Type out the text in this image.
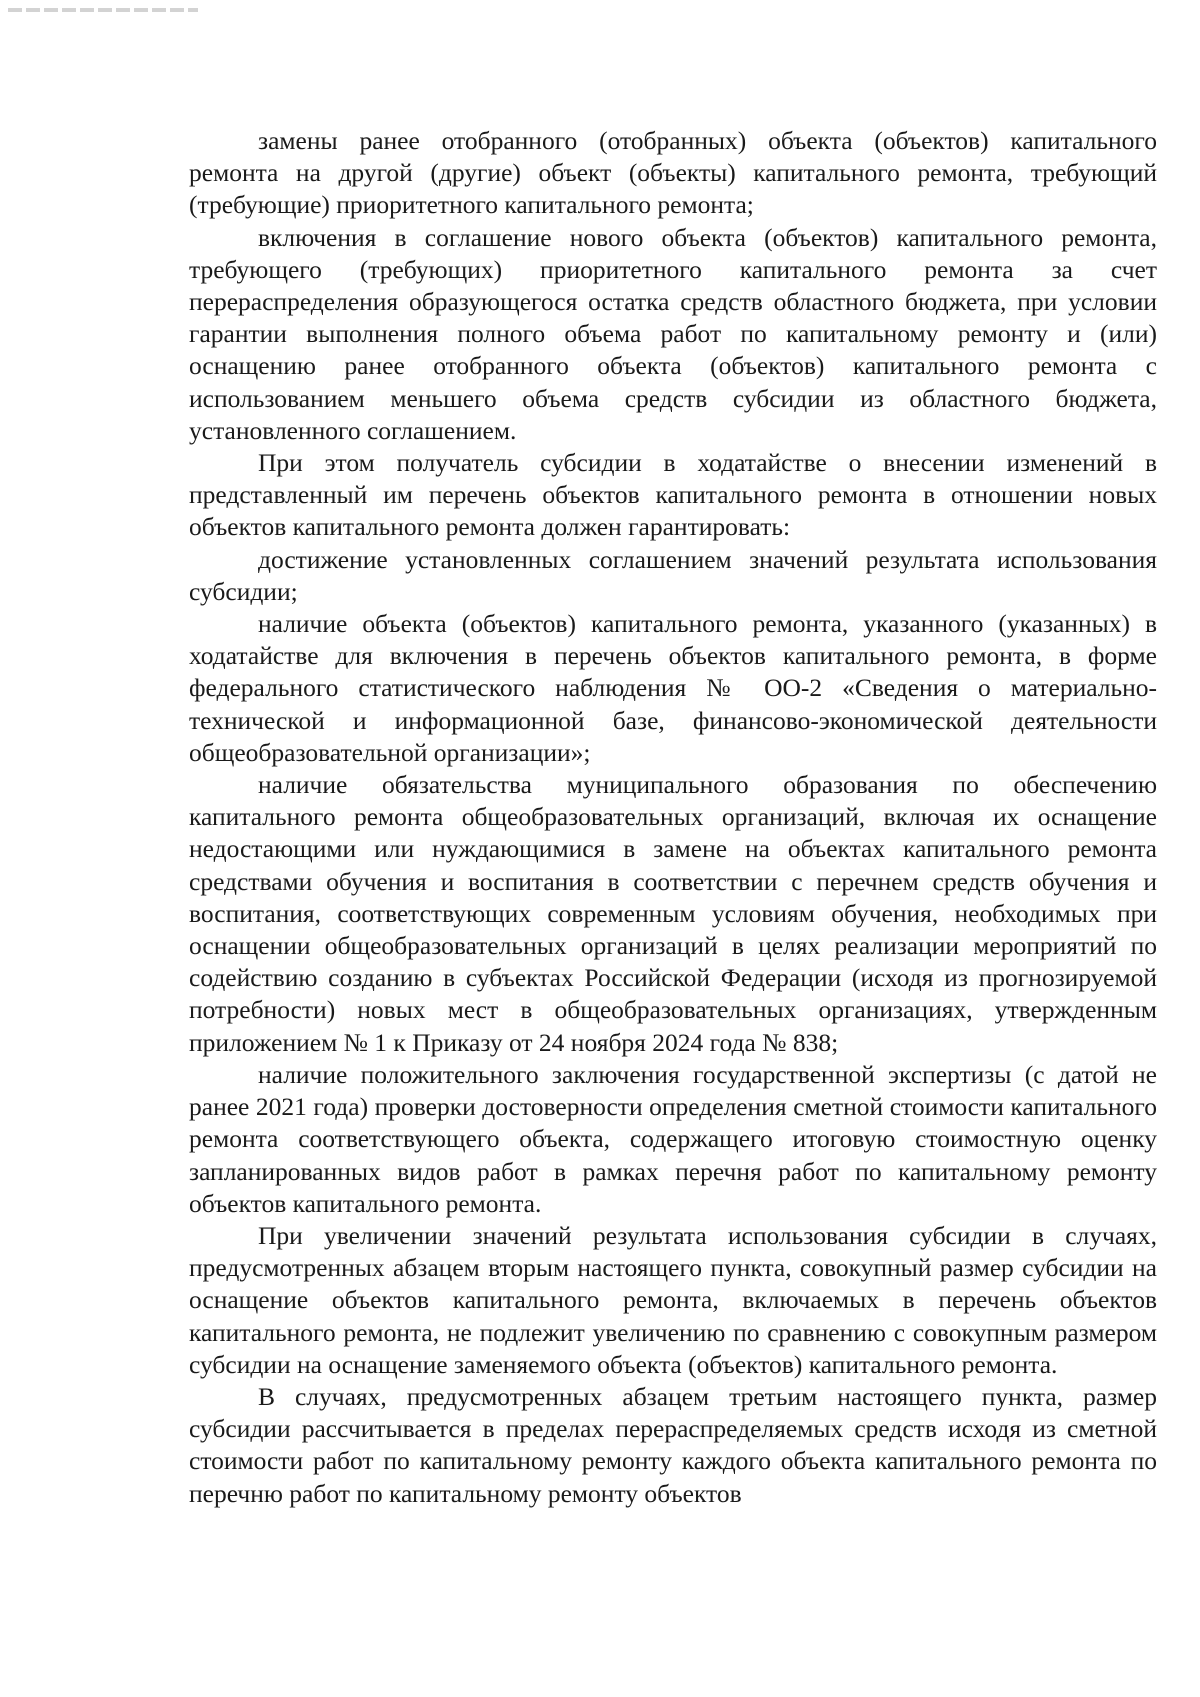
замены ранее отобранного (отобранных) объекта (объектов) капитального ремонта на другой (другие) объект (объекты) капитального ремонта, требующий (требующие) приоритетного капитального ремонта;

включения в соглашение нового объекта (объектов) капитального ремонта, требующего (требующих) приоритетного капитального ремонта за счет перераспределения образующегося остатка средств областного бюджета, при условии гарантии выполнения полного объема работ по капитальному ремонту и (или) оснащению ранее отобранного объекта (объектов) капитального ремонта с использованием меньшего объема средств субсидии из областного бюджета, установленного соглашением.

При этом получатель субсидии в ходатайстве о внесении изменений в представленный им перечень объектов капитального ремонта в отношении новых объектов капитального ремонта должен гарантировать:

достижение установленных соглашением значений результата использования субсидии;

наличие объекта (объектов) капитального ремонта, указанного (указанных) в ходатайстве для включения в перечень объектов капитального ремонта, в форме федерального статистического наблюдения № ОО-2 «Сведения о материально-технической и информационной базе, финансово-экономической деятельности общеобразовательной организации»;

наличие обязательства муниципального образования по обеспечению капитального ремонта общеобразовательных организаций, включая их оснащение недостающими или нуждающимися в замене на объектах капитального ремонта средствами обучения и воспитания в соответствии с перечнем средств обучения и воспитания, соответствующих современным условиям обучения, необходимых при оснащении общеобразовательных организаций в целях реализации мероприятий по содействию созданию в субъектах Российской Федерации (исходя из прогнозируемой потребности) новых мест в общеобразовательных организациях, утвержденным приложением № 1 к Приказу от 24 ноября 2024 года № 838;

наличие положительного заключения государственной экспертизы (с датой не ранее 2021 года) проверки достоверности определения сметной стоимости капитального ремонта соответствующего объекта, содержащего итоговую стоимостную оценку запланированных видов работ в рамках перечня работ по капитальному ремонту объектов капитального ремонта.

При увеличении значений результата использования субсидии в случаях, предусмотренных абзацем вторым настоящего пункта, совокупный размер субсидии на оснащение объектов капитального ремонта, включаемых в перечень объектов капитального ремонта, не подлежит увеличению по сравнению с совокупным размером субсидии на оснащение заменяемого объекта (объектов) капитального ремонта.

В случаях, предусмотренных абзацем третьим настоящего пункта, размер субсидии рассчитывается в пределах перераспределяемых средств исходя из сметной стоимости работ по капитальному ремонту каждого объекта капитального ремонта по перечню работ по капитальному ремонту объектов
